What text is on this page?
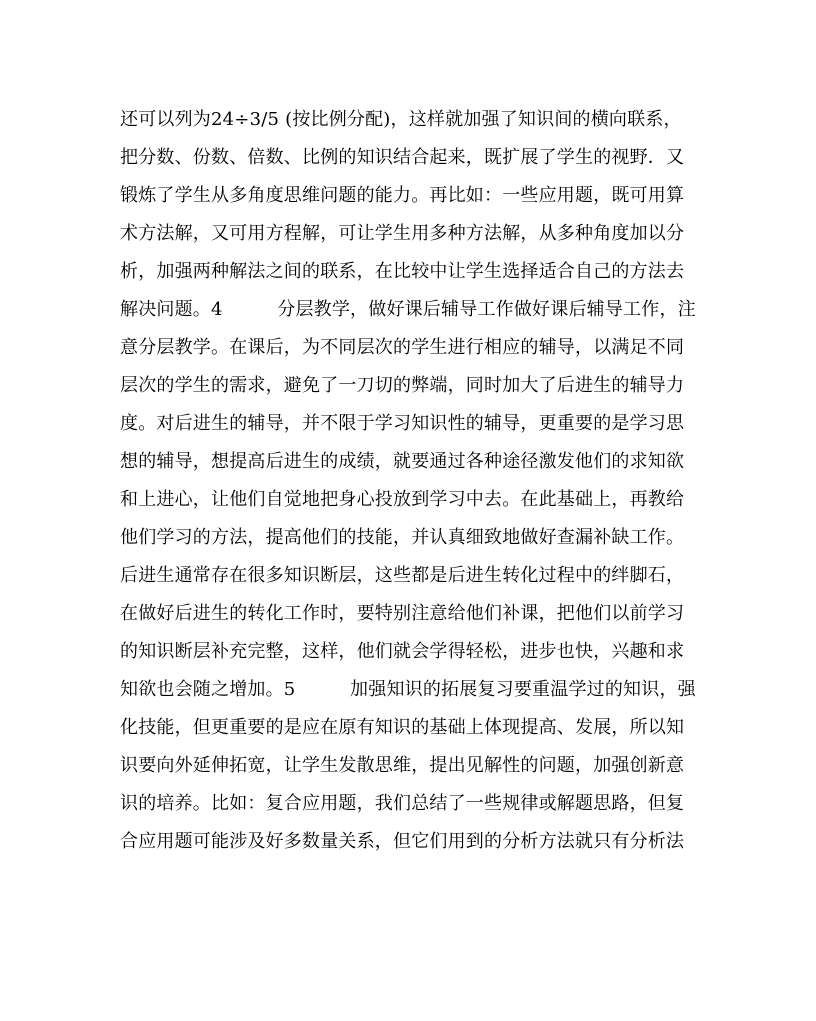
还可以列为24÷3/5 (按比例分配)，这样就加强了知识间的横向联系，
把分数、份数、倍数、比例的知识结合起来，既扩展了学生的视野．又
锻炼了学生从多角度思维问题的能力。再比如：一些应用题，既可用算
术方法解，又可用方程解，可让学生用多种方法解，从多种角度加以分
析，加强两种解法之间的联系，在比较中让学生选择适合自己的方法去
解决问题。4　　　分层教学，做好课后辅导工作做好课后辅导工作，注
意分层教学。在课后，为不同层次的学生进行相应的辅导，以满足不同
层次的学生的需求，避免了一刀切的弊端，同时加大了后进生的辅导力
度。对后进生的辅导，并不限于学习知识性的辅导，更重要的是学习思
想的辅导，想提高后进生的成绩，就要通过各种途径激发他们的求知欲
和上进心，让他们自觉地把身心投放到学习中去。在此基础上，再教给
他们学习的方法，提高他们的技能，并认真细致地做好查漏补缺工作。
后进生通常存在很多知识断层，这些都是后进生转化过程中的绊脚石，
在做好后进生的转化工作时，要特别注意给他们补课，把他们以前学习
的知识断层补充完整，这样，他们就会学得轻松，进步也快，兴趣和求
知欲也会随之增加。5　　　加强知识的拓展复习要重温学过的知识，强
化技能，但更重要的是应在原有知识的基础上体现提高、发展，所以知
识要向外延伸拓宽，让学生发散思维，提出见解性的问题，加强创新意
识的培养。比如：复合应用题，我们总结了一些规律或解题思路，但复
合应用题可能涉及好多数量关系，但它们用到的分析方法就只有分析法
